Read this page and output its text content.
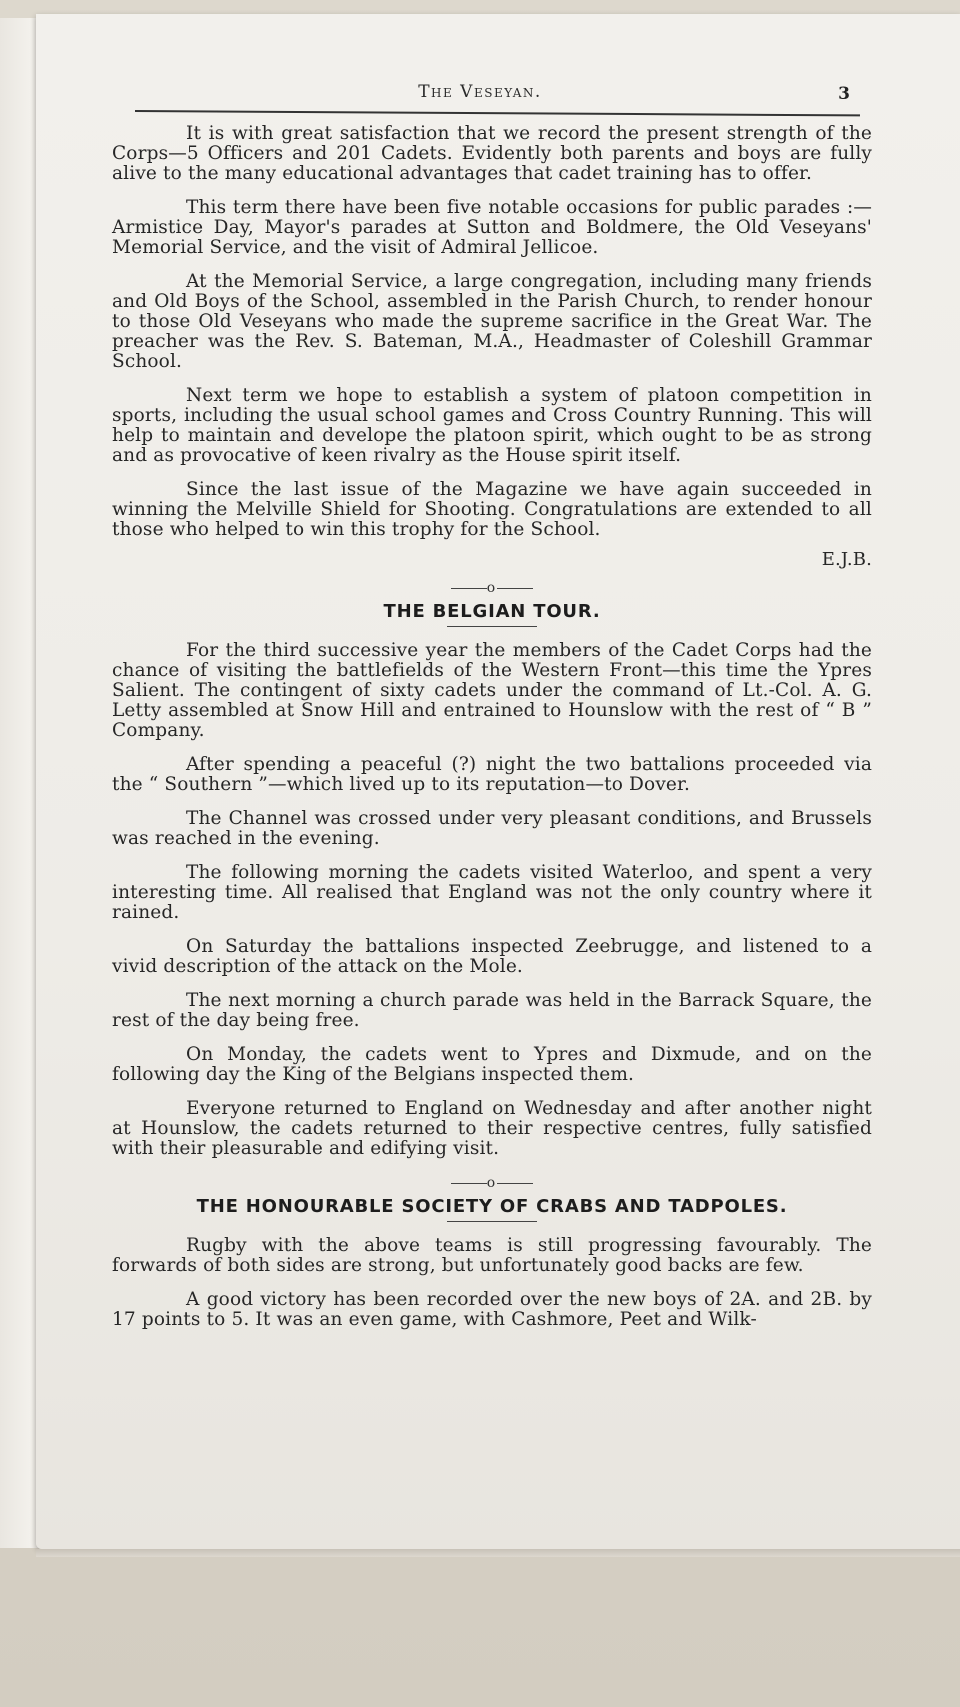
The Veseyan.	3

It is with great satisfaction that we record the present strength of the Corps—5 Officers and 201 Cadets. Evidently both parents and boys are fully alive to the many educational advantages that cadet training has to offer.

This term there have been five notable occasions for public parades :— Armistice Day, Mayor's parades at Sutton and Boldmere, the Old Veseyans' Memorial Service, and the visit of Admiral Jellicoe.

At the Memorial Service, a large congregation, including many friends and Old Boys of the School, assembled in the Parish Church, to render honour to those Old Veseyans who made the supreme sacrifice in the Great War. The preacher was the Rev. S. Bateman, M.A., Headmaster of Coleshill Grammar School.

Next term we hope to establish a system of platoon competition in sports, including the usual school games and Cross Country Running. This will help to maintain and develope the platoon spirit, which ought to be as strong and as provocative of keen rivalry as the House spirit itself.

Since the last issue of the Magazine we have again succeeded in winning the Melville Shield for Shooting. Congratulations are extended to all those who helped to win this trophy for the School.

E.J.B.
o
THE BELGIAN TOUR.

For the third successive year the members of the Cadet Corps had the chance of visiting the battlefields of the Western Front—this time the Ypres Salient. The contingent of sixty cadets under the command of Lt.-Col. A. G. Letty assembled at Snow Hill and entrained to Hounslow with the rest of “ B ” Company.

After spending a peaceful (?) night the two battalions proceeded via the “ Southern ”—which lived up to its reputation—to Dover.

The Channel was crossed under very pleasant conditions, and Brussels was reached in the evening.

The following morning the cadets visited Waterloo, and spent a very interesting time. All realised that England was not the only country where it rained.

On Saturday the battalions inspected Zeebrugge, and listened to a vivid description of the attack on the Mole.

The next morning a church parade was held in the Barrack Square, the rest of the day being free.

On Monday, the cadets went to Ypres and Dixmude, and on the following day the King of the Belgians inspected them.

Everyone returned to England on Wednesday and after another night at Hounslow, the cadets returned to their respective centres, fully satisfied with their pleasurable and edifying visit.

o
THE HONOURABLE SOCIETY OF CRABS AND TADPOLES.

Rugby with the above teams is still progressing favourably. The forwards of both sides are strong, but unfortunately good backs are few.

A good victory has been recorded over the new boys of 2A. and 2B. by 17 points to 5. It was an even game, with Cashmore, Peet and Wilk-
